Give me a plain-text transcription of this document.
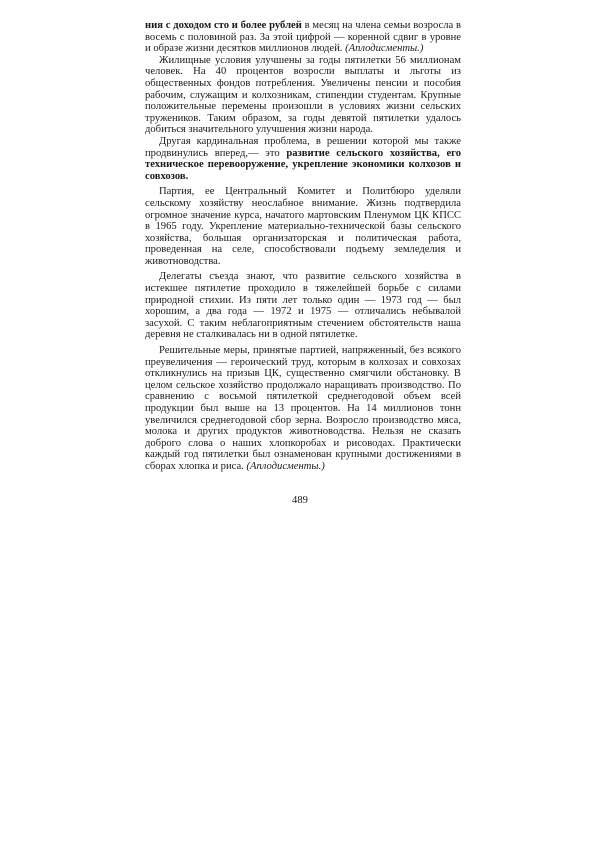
ния с доходом сто и более рублей в месяц на члена семьи возросла в восемь с половиной раз. За этой цифрой — коренной сдвиг в уровне и образе жизни десятков миллионов людей. (Аплодисменты.)

Жилищные условия улучшены за годы пятилетки 56 миллионам человек. На 40 процентов возросли выплаты и льготы из общественных фондов потребления. Увеличены пенсии и пособия рабочим, служащим и колхозникам, стипендии студентам. Крупные положительные перемены произошли в условиях жизни сельских тружеников. Таким образом, за годы девятой пятилетки удалось добиться значительного улучшения жизни народа.

Другая кардинальная проблема, в решении которой мы также продвинулись вперед,— это развитие сельского хозяйства, его техническое перевооружение, укрепление экономики колхозов и совхозов.

Партия, ее Центральный Комитет и Политбюро уделяли сельскому хозяйству неослабное внимание. Жизнь подтвердила огромное значение курса, начатого мартовским Пленумом ЦК КПСС в 1965 году. Укрепление материально-технической базы сельского хозяйства, большая организаторская и политическая работа, проведенная на селе, способствовали подъему земледелия и животноводства.

Делегаты съезда знают, что развитие сельского хозяйства в истекшее пятилетие проходило в тяжелейшей борьбе с силами природной стихии. Из пяти лет только один — 1973 год — был хорошим, а два года — 1972 и 1975 — отличались небывалой засухой. С таким неблагоприятным стечением обстоятельств наша деревня не сталкивалась ни в одной пятилетке.

Решительные меры, принятые партией, напряженный, без всякого преувеличения — героический труд, которым в колхозах и совхозах откликнулись на призыв ЦК, существенно смягчили обстановку. В целом сельское хозяйство продолжало наращивать производство. По сравнению с восьмой пятилеткой среднегодовой объем всей продукции был выше на 13 процентов. На 14 миллионов тонн увеличился среднегодовой сбор зерна. Возросло производство мяса, молока и других продуктов животноводства. Нельзя не сказать доброго слова о наших хлопкоробах и рисоводах. Практически каждый год пятилетки был ознаменован крупными достижениями в сборах хлопка и риса. (Аплодисменты.)

489
